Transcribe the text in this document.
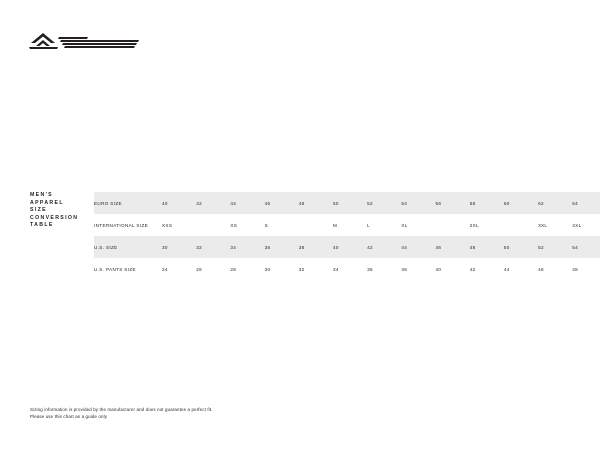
MEN'S
APPAREL
SIZE
CONVERSION
TABLE
EURO SIZE	40	42	44	46	48	50	52	54	56	58	60	62	64
INTERNATIONAL SIZE	XXS		XS	S		M	L	XL		2XL		3XL	4XL
U.S. SIZE	30	32	34	36	38	40	42	44	46	48	50	52	54
U.S. PANTS SIZE	24	26	28	30	32	34	36	38	40	42	44	46	48
Sizing information is provided by the manufacturer and does not guarantee a perfect fit.
Please use this chart as a guide only
